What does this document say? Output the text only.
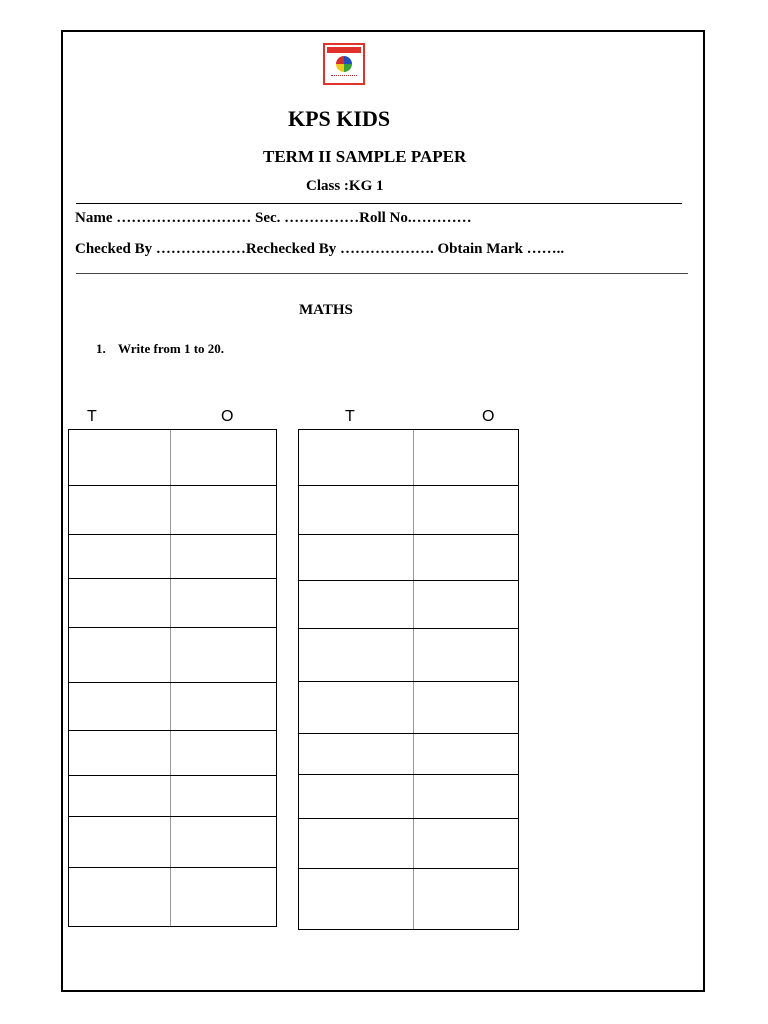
KPS KIDS
TERM II SAMPLE PAPER
Class :KG 1
Name ……………………… Sec. ……………Roll No.…………
Checked By ………………Rechecked By ………………. Obtain Mark ……..
MATHS
1. Write from 1 to 20.
T	O	T	O
